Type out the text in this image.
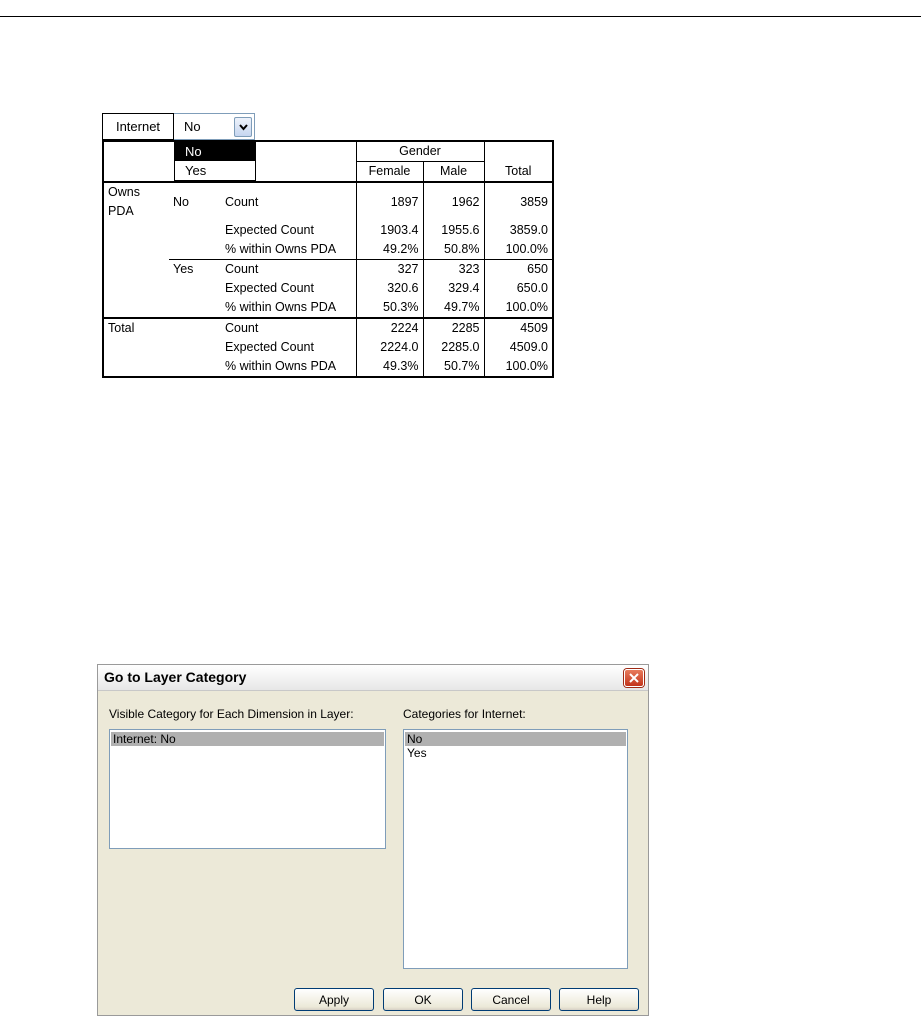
Internet	No
No
Yes
			Gender		
			Female	Male	Total

Owns PDA	No	Count	1897	1962	3859
		Expected Count	1903.4	1955.6	3859.0
		% within Owns PDA	49.2%	50.8%	100.0%
	Yes	Count	327	323	650
		Expected Count	320.6	329.4	650.0
		% within Owns PDA	50.3%	49.7%	100.0%
Total		Count	2224	2285	4509
		Expected Count	2224.0	2285.0	4509.0
		% within Owns PDA	49.3%	50.7%	100.0%
Go to Layer Category
Visible Category for Each Dimension in Layer:
Internet: No
Categories for Internet:
No
Yes
Apply	OK	Cancel	Help
